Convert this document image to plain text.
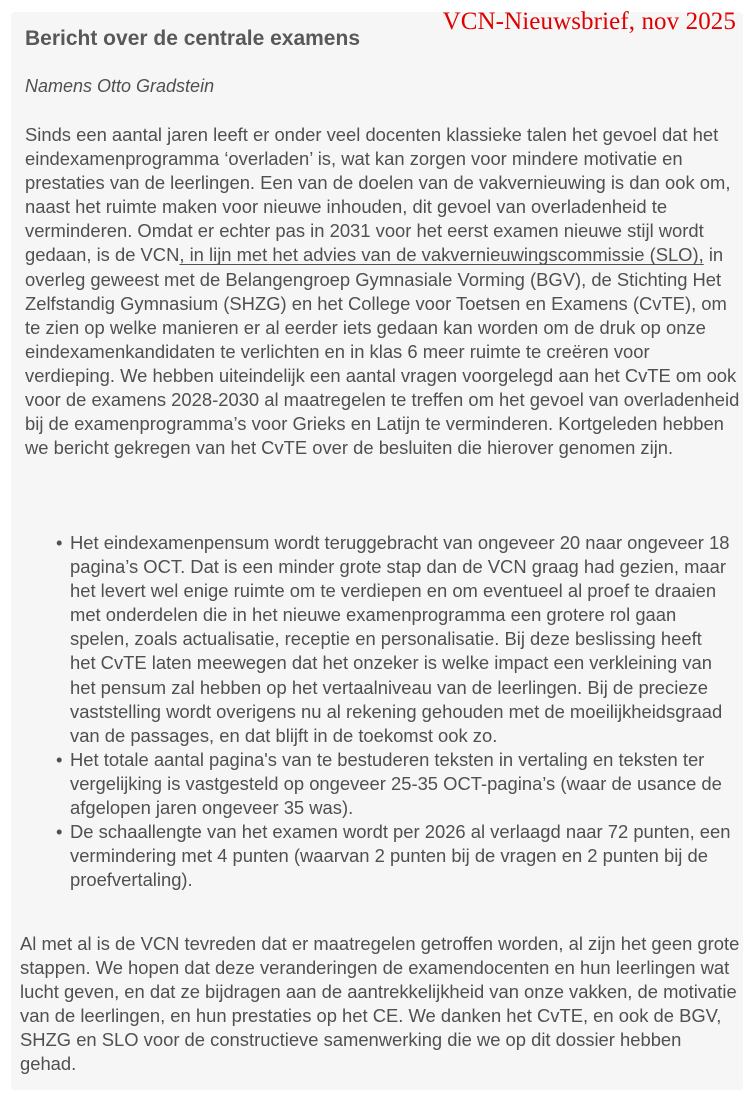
VCN-Nieuwsbrief, nov 2025
Bericht over de centrale examens

Namens Otto Gradstein

Sinds een aantal jaren leeft er onder veel docenten klassieke talen het gevoel dat het eindexamenprogramma ‘overladen’ is, wat kan zorgen voor mindere motivatie en prestaties van de leerlingen. Een van de doelen van de vakvernieuwing is dan ook om, naast het ruimte maken voor nieuwe inhouden, dit gevoel van overladenheid te verminderen. Omdat er echter pas in 2031 voor het eerst examen nieuwe stijl wordt gedaan, is de VCN, in lijn met het advies van de vakvernieuwingscommissie (SLO), in overleg geweest met de Belangengroep Gymnasiale Vorming (BGV), de Stichting Het Zelfstandig Gymnasium (SHZG) en het College voor Toetsen en Examens (CvTE), om te zien op welke manieren er al eerder iets gedaan kan worden om de druk op onze eindexamenkandidaten te verlichten en in klas 6 meer ruimte te creëren voor verdieping. We hebben uiteindelijk een aantal vragen voorgelegd aan het CvTE om ook voor de examens 2028-2030 al maatregelen te treffen om het gevoel van overladenheid bij de examenprogramma’s voor Grieks en Latijn te verminderen. Kortgeleden hebben we bericht gekregen van het CvTE over de besluiten die hierover genomen zijn.

• Het eindexamenpensum wordt teruggebracht van ongeveer 20 naar ongeveer 18 pagina’s OCT. Dat is een minder grote stap dan de VCN graag had gezien, maar het levert wel enige ruimte om te verdiepen en om eventueel al proef te draaien met onderdelen die in het nieuwe examenprogramma een grotere rol gaan spelen, zoals actualisatie, receptie en personalisatie. Bij deze beslissing heeft het CvTE laten meewegen dat het onzeker is welke impact een verkleining van het pensum zal hebben op het vertaalniveau van de leerlingen. Bij de precieze vaststelling wordt overigens nu al rekening gehouden met de moeilijkheidsgraad van de passages, en dat blijft in de toekomst ook zo.
• Het totale aantal pagina's van te bestuderen teksten in vertaling en teksten ter vergelijking is vastgesteld op ongeveer 25-35 OCT-pagina’s (waar de usance de afgelopen jaren ongeveer 35 was).
• De schaallengte van het examen wordt per 2026 al verlaagd naar 72 punten, een vermindering met 4 punten (waarvan 2 punten bij de vragen en 2 punten bij de proefvertaling).

Al met al is de VCN tevreden dat er maatregelen getroffen worden, al zijn het geen grote stappen. We hopen dat deze veranderingen de examendocenten en hun leerlingen wat lucht geven, en dat ze bijdragen aan de aantrekkelijkheid van onze vakken, de motivatie van de leerlingen, en hun prestaties op het CE. We danken het CvTE, en ook de BGV, SHZG en SLO voor de constructieve samenwerking die we op dit dossier hebben gehad.
